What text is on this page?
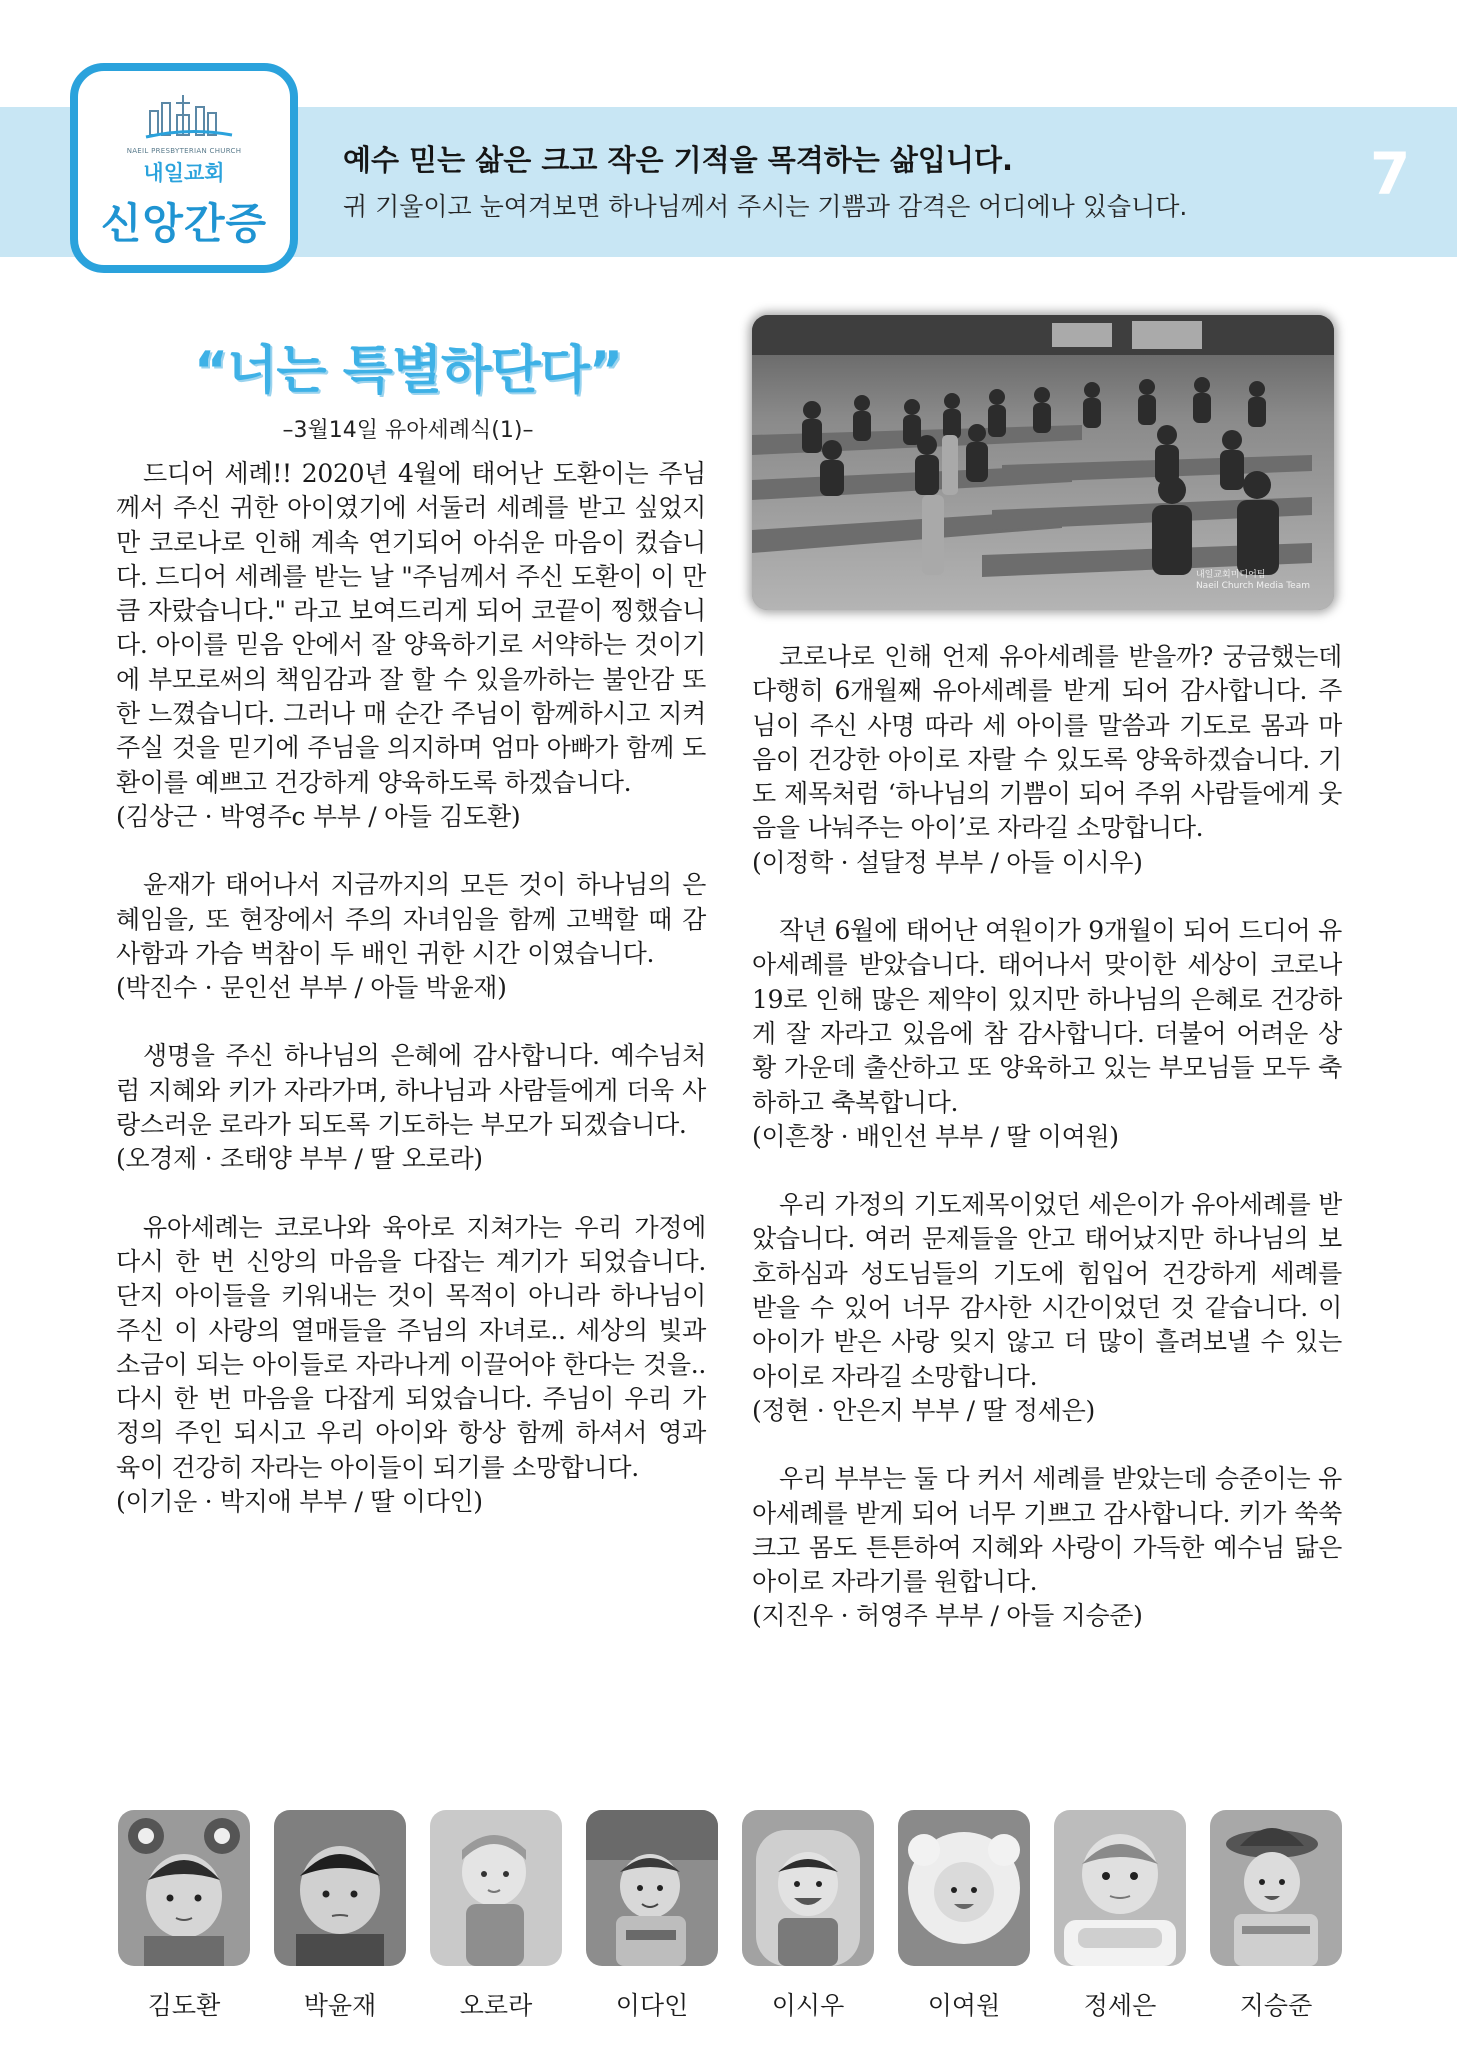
NAEIL PRESBYTERIAN CHURCH
내일교회
신앙간증
예수 믿는 삶은 크고 작은 기적을 목격하는 삶입니다.
귀 기울이고 눈여겨보면 하나님께서 주시는 기쁨과 감격은 어디에나 있습니다.	7
“너는 특별하단다”
–3월14일 유아세례식(1)–

드디어 세례!! 2020년 4월에 태어난 도환이는 주님께서 주신 귀한 아이였기에 서둘러 세례를 받고 싶었지만 코로나로 인해 계속 연기되어 아쉬운 마음이 컸습니다. 드디어 세례를 받는 날 "주님께서 주신 도환이 이 만큼 자랐습니다." 라고 보여드리게 되어 코끝이 찡했습니다. 아이를 믿음 안에서 잘 양육하기로 서약하는 것이기에 부모로써의 책임감과 잘 할 수 있을까하는 불안감 또한 느꼈습니다. 그러나 매 순간 주님이 함께하시고 지켜주실 것을 믿기에 주님을 의지하며 엄마 아빠가 함께 도환이를 예쁘고 건강하게 양육하도록 하겠습니다.
(김상근 · 박영주c 부부 / 아들 김도환)

윤재가 태어나서 지금까지의 모든 것이 하나님의 은혜임을, 또 현장에서 주의 자녀임을 함께 고백할 때 감사함과 가슴 벅참이 두 배인 귀한 시간 이였습니다.
(박진수 · 문인선 부부 / 아들 박윤재)

생명을 주신 하나님의 은혜에 감사합니다. 예수님처럼 지혜와 키가 자라가며, 하나님과 사람들에게 더욱 사랑스러운 로라가 되도록 기도하는 부모가 되겠습니다.
(오경제 · 조태양 부부 / 딸 오로라)

유아세례는 코로나와 육아로 지쳐가는 우리 가정에 다시 한 번 신앙의 마음을 다잡는 계기가 되었습니다. 단지 아이들을 키워내는 것이 목적이 아니라 하나님이 주신 이 사랑의 열매들을 주님의 자녀로.. 세상의 빛과 소금이 되는 아이들로 자라나게 이끌어야 한다는 것을.. 다시 한 번 마음을 다잡게 되었습니다. 주님이 우리 가정의 주인 되시고 우리 아이와 항상 함께 하셔서 영과 육이 건강히 자라는 아이들이 되기를 소망합니다.
(이기운 · 박지애 부부 / 딸 이다인)

내일교회미디어팀
Naeil Church Media Team

코로나로 인해 언제 유아세례를 받을까? 궁금했는데 다행히 6개월째 유아세례를 받게 되어 감사합니다. 주님이 주신 사명 따라 세 아이를 말씀과 기도로 몸과 마음이 건강한 아이로 자랄 수 있도록 양육하겠습니다. 기도 제목처럼 ‘하나님의 기쁨이 되어 주위 사람들에게 웃음을 나눠주는 아이’로 자라길 소망합니다.
(이정학 · 설달정 부부 / 아들 이시우)

작년 6월에 태어난 여원이가 9개월이 되어 드디어 유아세례를 받았습니다. 태어나서 맞이한 세상이 코로나19로 인해 많은 제약이 있지만 하나님의 은혜로 건강하게 잘 자라고 있음에 참 감사합니다. 더불어 어려운 상황 가운데 출산하고 또 양육하고 있는 부모님들 모두 축하하고 축복합니다.
(이흔창 · 배인선 부부 / 딸 이여원)

우리 가정의 기도제목이었던 세은이가 유아세례를 받았습니다. 여러 문제들을 안고 태어났지만 하나님의 보호하심과 성도님들의 기도에 힘입어 건강하게 세례를 받을 수 있어 너무 감사한 시간이었던 것 같습니다. 이 아이가 받은 사랑 잊지 않고 더 많이 흘려보낼 수 있는 아이로 자라길 소망합니다.
(정현 · 안은지 부부 / 딸 정세은)

우리 부부는 둘 다 커서 세례를 받았는데 승준이는 유아세례를 받게 되어 너무 기쁘고 감사합니다. 키가 쑥쑥 크고 몸도 튼튼하여 지혜와 사랑이 가득한 예수님 닮은 아이로 자라기를 원합니다.
(지진우 · 허영주 부부 / 아들 지승준)

김도환	박윤재	오로라	이다인	이시우	이여원	정세은	지승준
